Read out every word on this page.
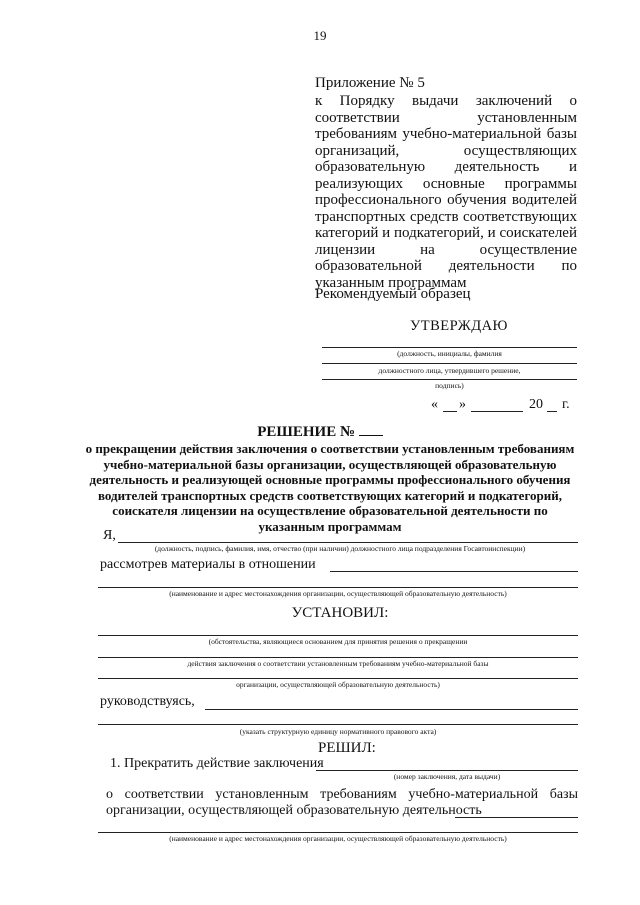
19
Приложение № 5
к Порядку выдачи заключений о соответствии установленным требованиям учебно-материальной базы организаций, осуществляющих образовательную деятельность и реализующих основные программы профессионального обучения водителей транспортных средств соответствующих категорий и подкатегорий, и соискателей лицензии на осуществление образовательной деятельности по указанным программам
Рекомендуемый образец
УТВЕРЖДАЮ
(должность, инициалы, фамилия
должностного лица, утвердившего решение,
подпись)
« »	20 г.
РЕШЕНИЕ №
о прекращении действия заключения о соответствии установленным требованиям учебно-материальной базы организации, осуществляющей образовательную деятельность и реализующей основные программы профессионального обучения водителей транспортных средств соответствующих категорий и подкатегорий, соискателя лицензии на осуществление образовательной деятельности по указанным программам
Я,
(должность, подпись, фамилия, имя, отчество (при наличии) должностного лица подразделения Госавтоинспекции)
рассмотрев материалы в отношении
(наименование и адрес местонахождения организации, осуществляющей образовательную деятельность)
УСТАНОВИЛ:
(обстоятельства, являющиеся основанием для принятия решения о прекращении
действия заключения о соответствии установленным требованиям учебно-материальной базы
организации, осуществляющей образовательную деятельность)
руководствуясь,
(указать структурную единицу нормативного правового акта)
РЕШИЛ:
1. Прекратить действие заключения
(номер заключения, дата выдачи)
о соответствии установленным требованиям учебно-материальной базы
организации, осуществляющей образовательную деятельность
(наименование и адрес местонахождения организации, осуществляющей образовательную деятельность)
